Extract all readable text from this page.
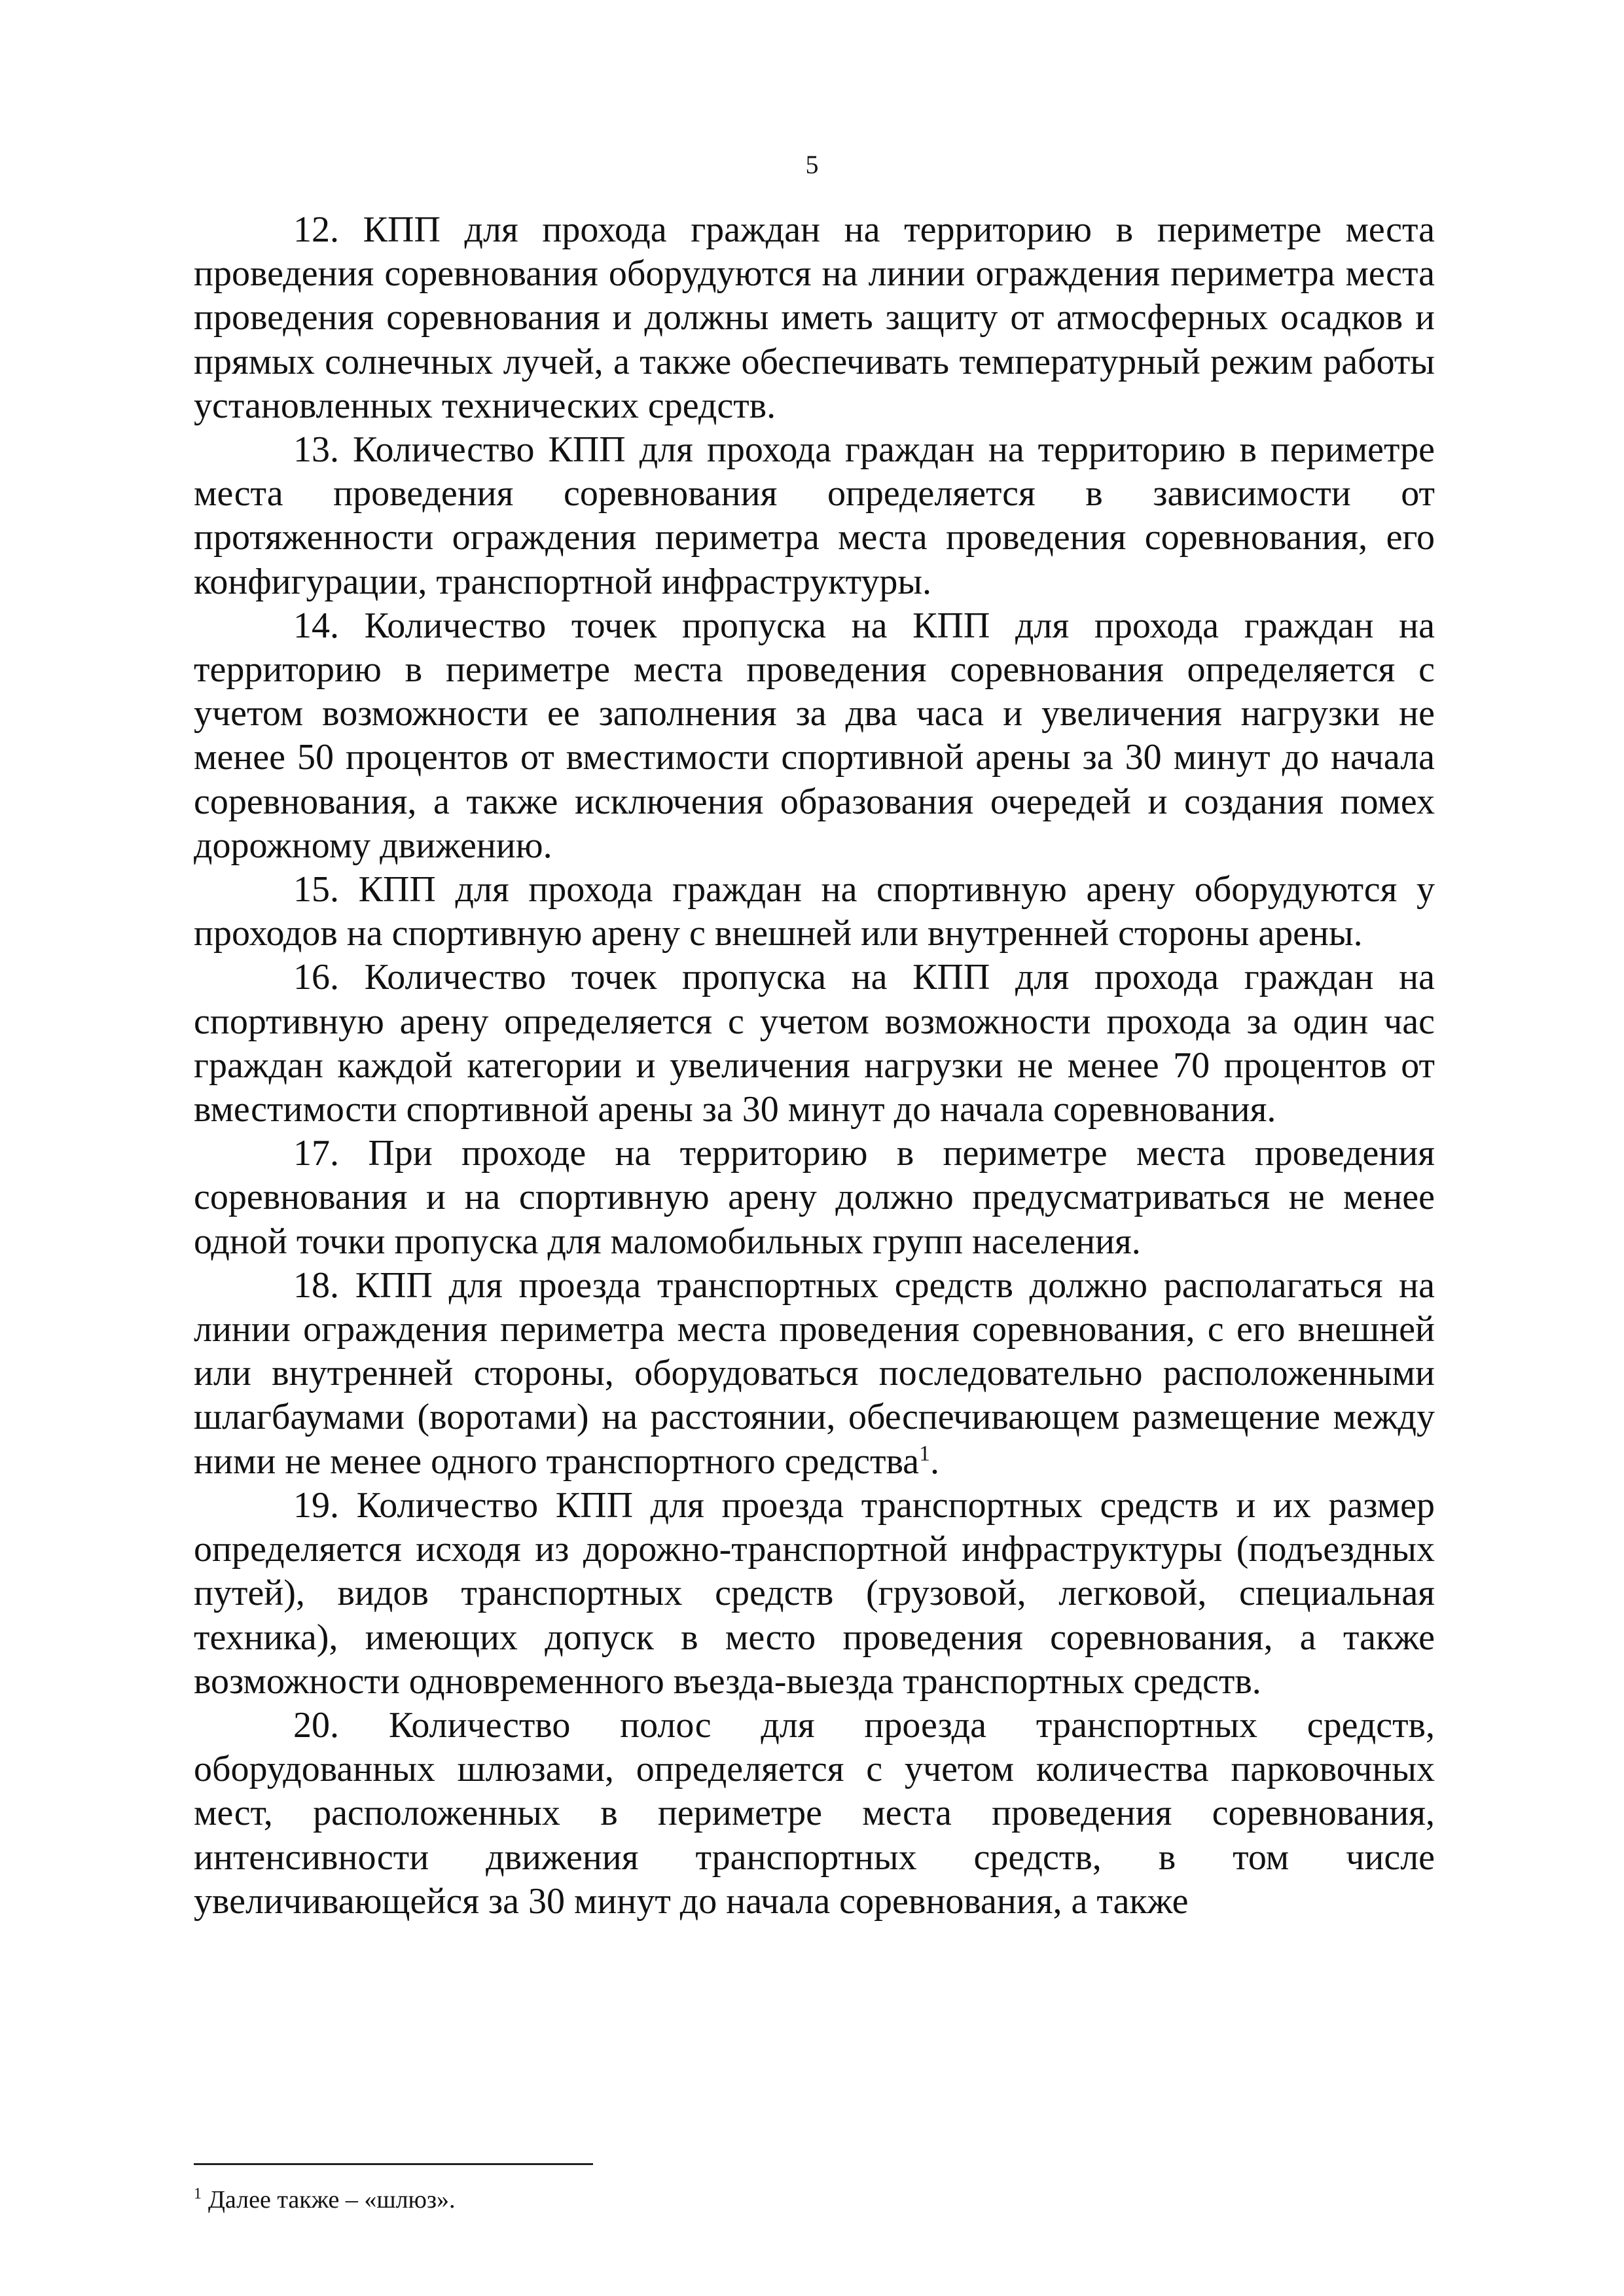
5

12. КПП для прохода граждан на территорию в периметре места проведения соревнования оборудуются на линии ограждения периметра места проведения соревнования и должны иметь защиту от атмосферных осадков и прямых солнечных лучей, а также обеспечивать температурный режим работы установленных технических средств.

13. Количество КПП для прохода граждан на территорию в периметре места проведения соревнования определяется в зависимости от протяженности ограждения периметра места проведения соревнования, его конфигурации, транспортной инфраструктуры.

14. Количество точек пропуска на КПП для прохода граждан на территорию в периметре места проведения соревнования определяется с учетом возможности ее заполнения за два часа и увеличения нагрузки не менее 50 процентов от вместимости спортивной арены за 30 минут до начала соревнования, а также исключения образования очередей и создания помех дорожному движению.

15. КПП для прохода граждан на спортивную арену оборудуются у проходов на спортивную арену с внешней или внутренней стороны арены.

16. Количество точек пропуска на КПП для прохода граждан на спортивную арену определяется с учетом возможности прохода за один час граждан каждой категории и увеличения нагрузки не менее 70 процентов от вместимости спортивной арены за 30 минут до начала соревнования.

17. При проходе на территорию в периметре места проведения соревнования и на спортивную арену должно предусматриваться не менее одной точки пропуска для маломобильных групп населения.

18. КПП для проезда транспортных средств должно располагаться на линии ограждения периметра места проведения соревнования, с его внешней или внутренней стороны, оборудоваться последовательно расположенными шлагбаумами (воротами) на расстоянии, обеспечивающем размещение между ними не менее одного транспортного средства$^1$.

19. Количество КПП для проезда транспортных средств и их размер определяется исходя из дорожно-транспортной инфраструктуры (подъездных путей), видов транспортных средств (грузовой, легковой, специальная техника), имеющих допуск в место проведения соревнования, а также возможности одновременного въезда-выезда транспортных средств.

20. Количество полос для проезда транспортных средств, оборудованных шлюзами, определяется с учетом количества парковочных мест, расположенных в периметре места проведения соревнования, интенсивности движения транспортных средств, в том числе увеличивающейся за 30 минут до начала соревнования, а также

$^1$ Далее также – «шлюз».
